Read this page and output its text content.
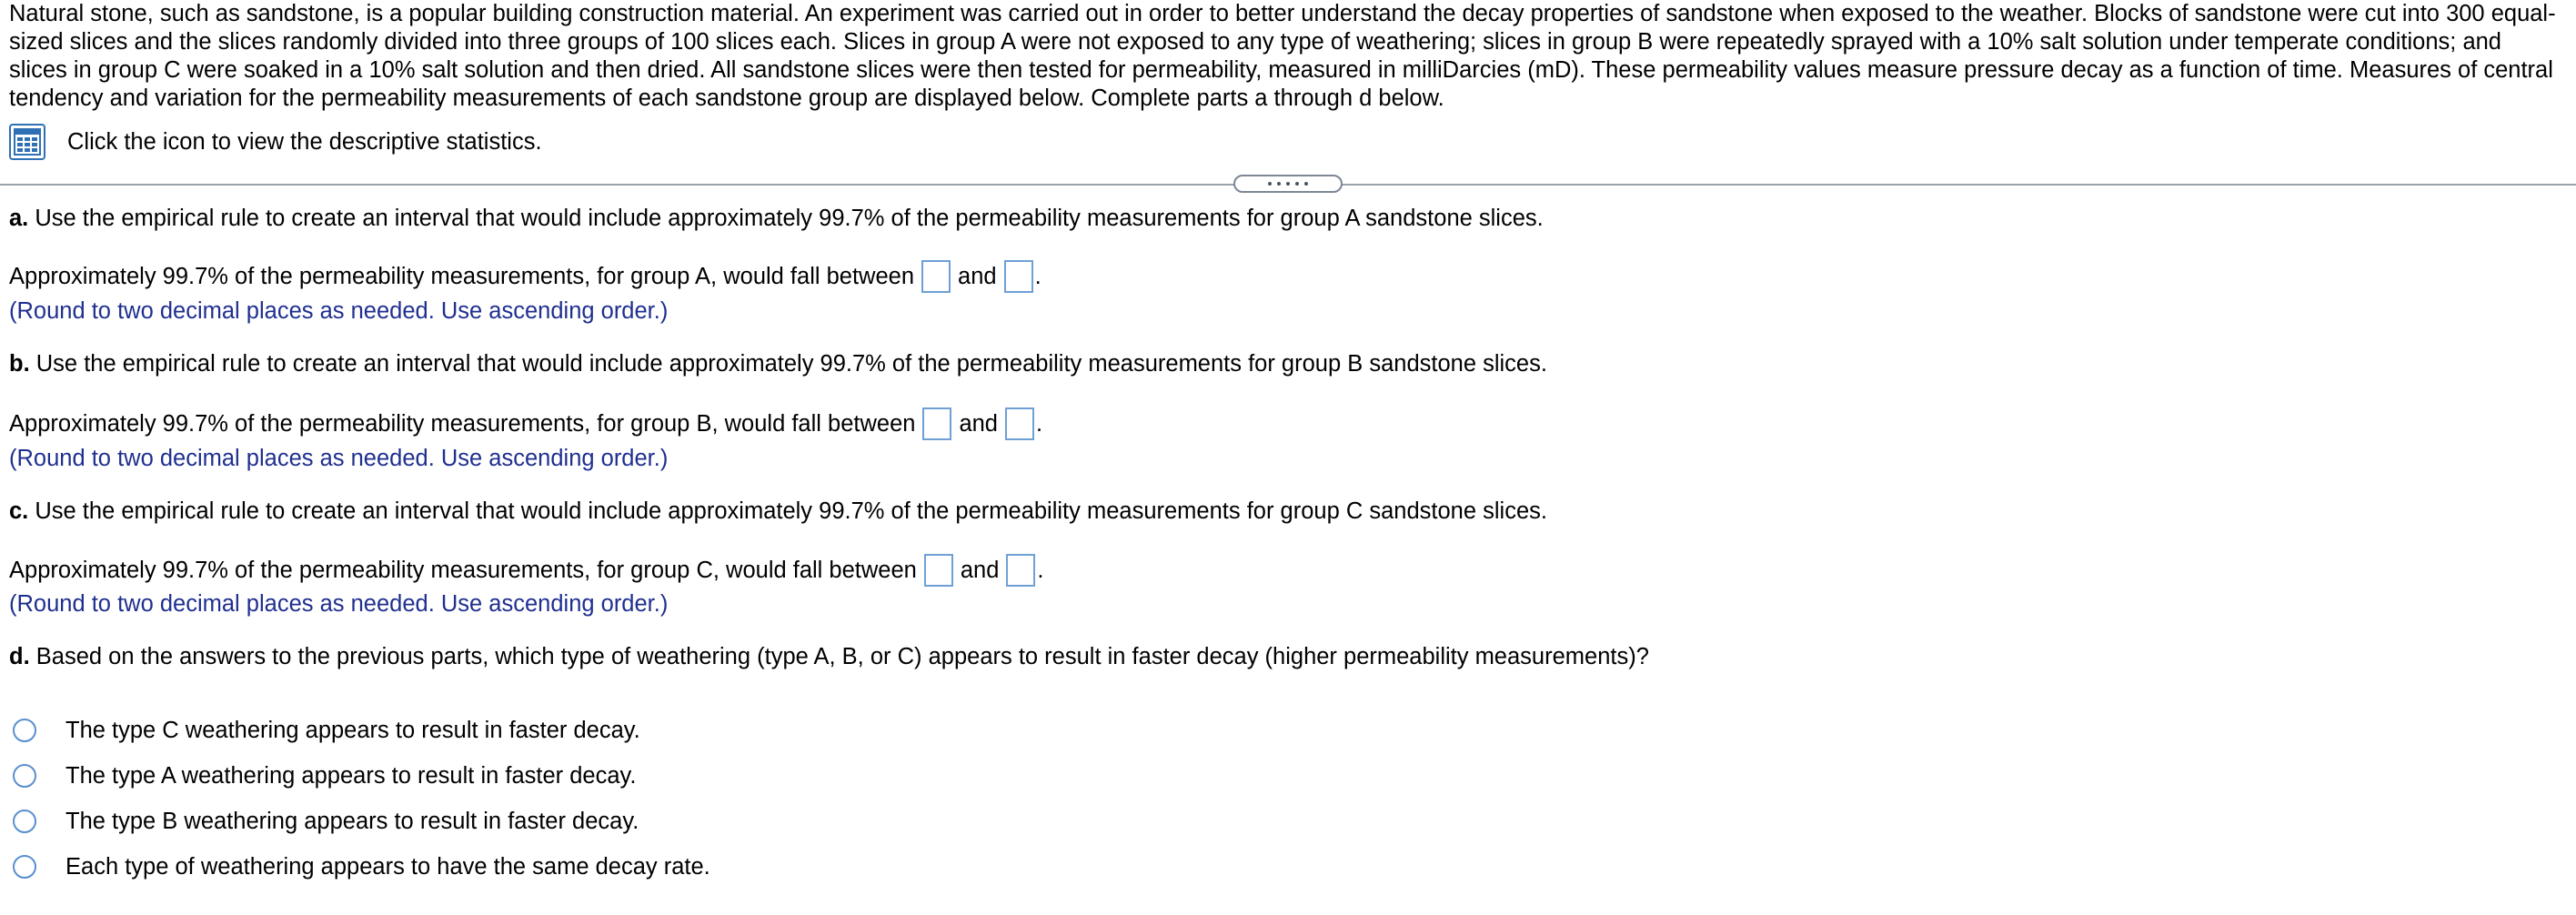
Natural stone, such as sandstone, is a popular building construction material. An experiment was carried out in order to better understand the decay properties of sandstone when exposed to the weather. Blocks of sandstone were cut into 300 equal-sized slices and the slices randomly divided into three groups of 100 slices each. Slices in group A were not exposed to any type of weathering; slices in group B were repeatedly sprayed with a 10% salt solution under temperate conditions; and slices in group C were soaked in a 10% salt solution and then dried. All sandstone slices were then tested for permeability, measured in milliDarcies (mD). These permeability values measure pressure decay as a function of time. Measures of central tendency and variation for the permeability measurements of each sandstone group are displayed below. Complete parts a through d below.

Click the icon to view the descriptive statistics.
a. Use the empirical rule to create an interval that would include approximately 99.7% of the permeability measurements for group A sandstone slices.
Approximately 99.7% of the permeability measurements, for group A, would fall between and .
(Round to two decimal places as needed. Use ascending order.)
b. Use the empirical rule to create an interval that would include approximately 99.7% of the permeability measurements for group B sandstone slices.
Approximately 99.7% of the permeability measurements, for group B, would fall between and .
(Round to two decimal places as needed. Use ascending order.)
c. Use the empirical rule to create an interval that would include approximately 99.7% of the permeability measurements for group C sandstone slices.
Approximately 99.7% of the permeability measurements, for group C, would fall between and .
(Round to two decimal places as needed. Use ascending order.)
d. Based on the answers to the previous parts, which type of weathering (type A, B, or C) appears to result in faster decay (higher permeability measurements)?
The type C weathering appears to result in faster decay.
The type A weathering appears to result in faster decay.
The type B weathering appears to result in faster decay.
Each type of weathering appears to have the same decay rate.
